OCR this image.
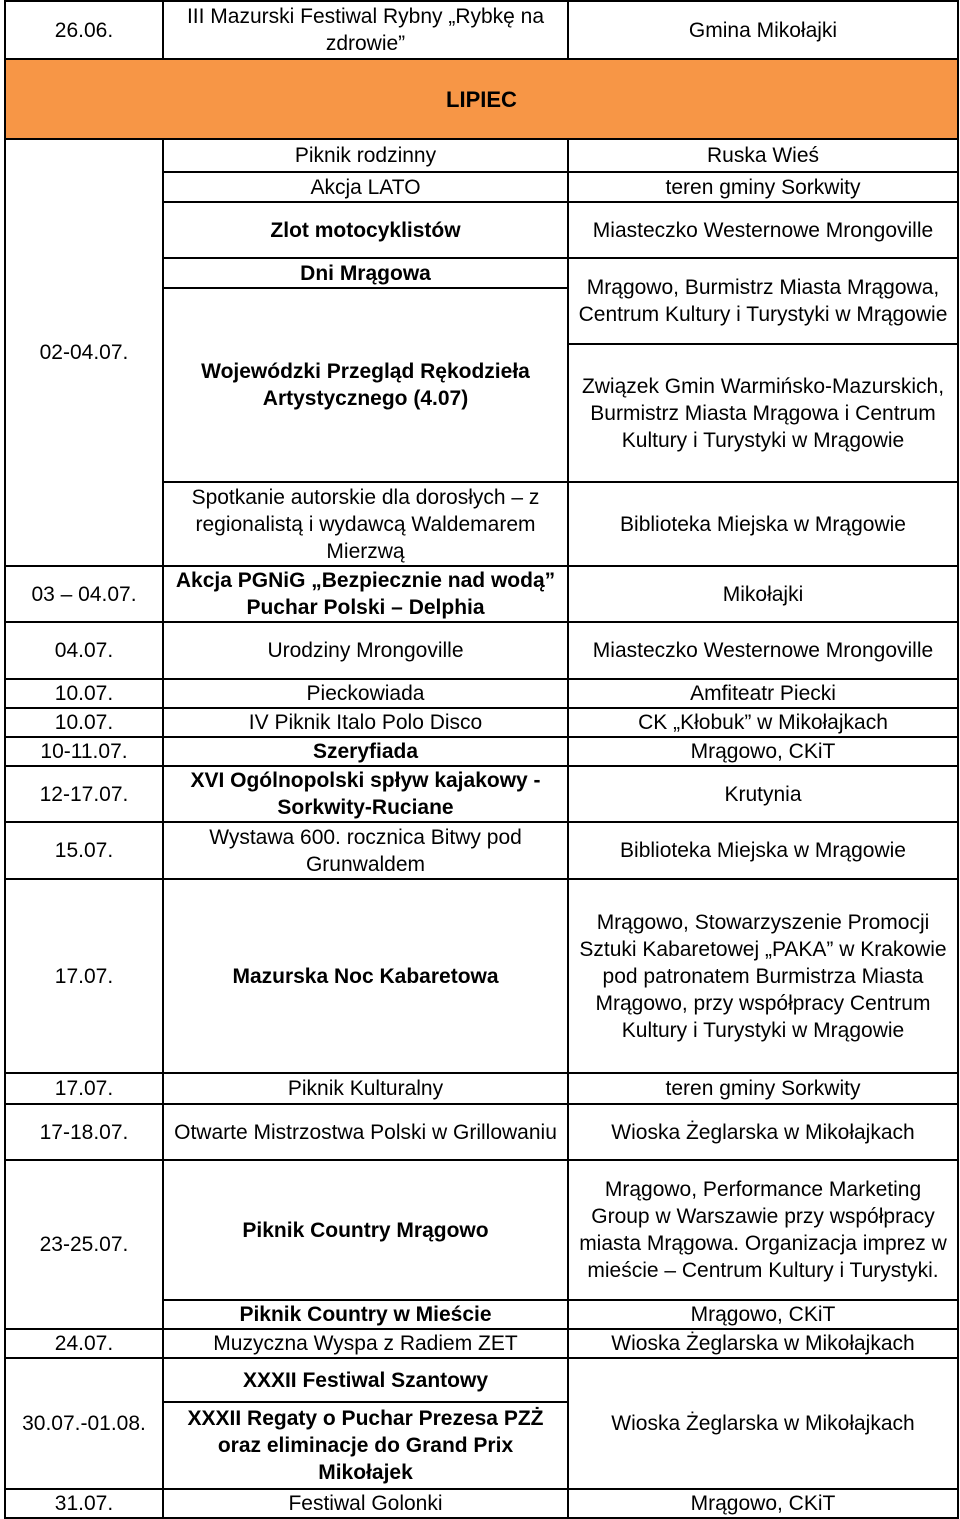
26.06.	III Mazurski Festiwal Rybny „Rybkę na zdrowie”	Gmina Mikołajki
LIPIEC		
02-04.07.	Piknik rodzinny	Ruska Wieś
	Akcja LATO	teren gminy Sorkwity
	Zlot motocyklistów	Miasteczko Westernowe Mrongoville
	Dni Mrągowa	Mrągowo, Burmistrz Miasta Mrągowa, Centrum Kultury i Turystyki w Mrągowie
	Wojewódzki Przegląd Rękodzieła Artystycznego (4.07)	
		Związek Gmin Warmińsko-Mazurskich, Burmistrz Miasta Mrągowa i Centrum Kultury i Turystyki w Mrągowie
	Spotkanie autorskie dla dorosłych – z regionalistą i wydawcą Waldemarem Mierzwą	Biblioteka Miejska w Mrągowie
03 – 04.07.	Akcja PGNiG „Bezpiecznie nad wodą” Puchar Polski – Delphia	Mikołajki
04.07.	Urodziny Mrongoville	Miasteczko Westernowe Mrongoville
10.07.	Pieckowiada	Amfiteatr Piecki
10.07.	IV Piknik Italo Polo Disco	CK „Kłobuk” w Mikołajkach
10-11.07.	Szeryfiada	Mrągowo, CKiT
12-17.07.	XVI Ogólnopolski spływ kajakowy - Sorkwity-Ruciane	Krutynia
15.07.	Wystawa 600. rocznica Bitwy pod Grunwaldem	Biblioteka Miejska w Mrągowie
17.07.	Mazurska Noc Kabaretowa	Mrągowo, Stowarzyszenie Promocji Sztuki Kabaretowej „PAKA” w Krakowie pod patronatem Burmistrza Miasta Mrągowo, przy współpracy Centrum Kultury i Turystyki w Mrągowie
17.07.	Piknik Kulturalny	teren gminy Sorkwity
17-18.07.	Otwarte Mistrzostwa Polski w Grillowaniu	Wioska Żeglarska w Mikołajkach
23-25.07.	Piknik Country Mrągowo	Mrągowo, Performance Marketing Group w Warszawie przy współpracy miasta Mrągowa. Organizacja imprez w mieście – Centrum Kultury i Turystyki.
	Piknik Country w Mieście	Mrągowo, CKiT
24.07.	Muzyczna Wyspa z Radiem ZET	Wioska Żeglarska w Mikołajkach
30.07.-01.08.	XXXII Festiwal Szantowy	Wioska Żeglarska w Mikołajkach
	XXXII Regaty o Puchar Prezesa PZŻ oraz eliminacje do Grand Prix Mikołajek	
31.07.	Festiwal Golonki	Mrągowo, CKiT
